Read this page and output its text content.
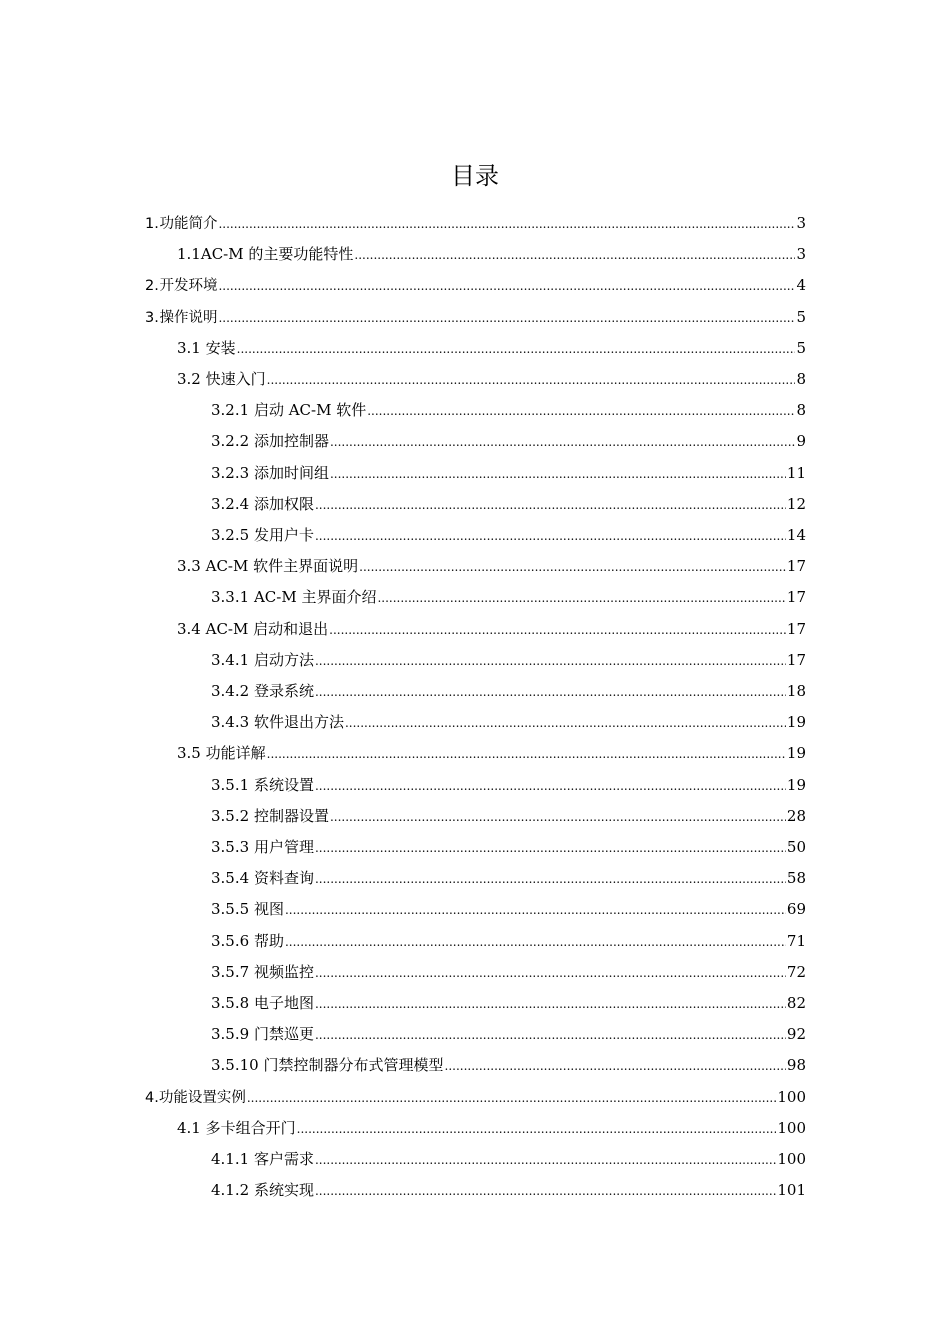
目录
1. 功能简介 .....	3
1.1 AC-M 的主要功能特性 .....	3
2. 开发环境 .....	4
3. 操作说明 .....	5
3.1 安装 .....	5
3.2 快速入门 .....	8
3.2.1 启动 AC-M 软件 .....	8
3.2.2 添加控制器 .....	9
3.2.3 添加时间组 .....	11
3.2.4 添加权限 .....	12
3.2.5 发用户卡 .....	14
3.3 AC-M 软件主界面说明 .....	17
3.3.1 AC-M 主界面介绍 .....	17
3.4 AC-M 启动和退出 .....	17
3.4.1 启动方法 .....	17
3.4.2 登录系统 .....	18
3.4.3 软件退出方法 .....	19
3.5 功能详解 .....	19
3.5.1 系统设置 .....	19
3.5.2 控制器设置 .....	28
3.5.3 用户管理 .....	50
3.5.4 资料查询 .....	58
3.5.5 视图 .....	69
3.5.6 帮助 .....	71
3.5.7 视频监控 .....	72
3.5.8 电子地图 .....	82
3.5.9 门禁巡更 .....	92
3.5.10 门禁控制器分布式管理模型 .....	98
4. 功能设置实例 .....	100
4.1 多卡组合开门 .....	100
4.1.1 客户需求 .....	100
4.1.2 系统实现 .....	101
